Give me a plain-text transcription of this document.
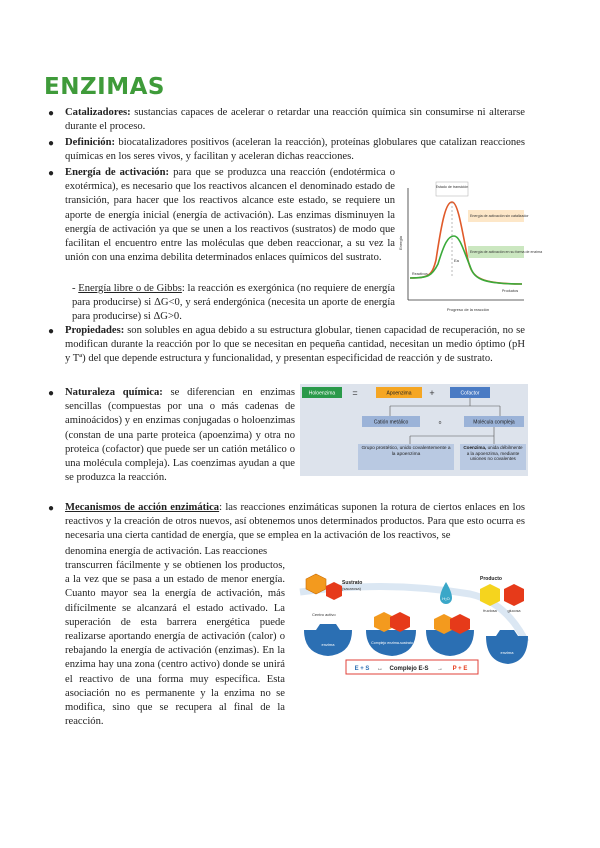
ENZIMAS
● Catalizadores: sustancias capaces de acelerar o retardar una reacción química sin consumirse ni alterarse durante el proceso.
● Definición: biocatalizadores positivos (aceleran la reacción), proteínas globulares que catalizan reacciones químicas en los seres vivos, y facilitan y aceleran dichas reacciones.
● Energía de activación: para que se produzca una reacción (endotérmica o exotérmica), es necesario que los reactivos alcancen el denominado estado de transición, para hacer que los reactivos alcance este estado, se requiere un aporte de energía inicial (energía de activación). Las enzimas disminuyen la energía de activación ya que se unen a los reactivos (sustratos) de modo que facilitan el encuentro entre las moléculas que deben reaccionar, a su vez la unión con una enzima debilita determinados enlaces químicos del sustrato.
- Energía libre o de Gibbs: la reacción es exergónica (no requiere de energía para producirse) si ΔG<0, y será endergónica (necesita un aporte de energía para producirse) si ΔG>0.
Estado de transición
Energía de activación sin catalizador
Energía de activación en su forma de enzima
Energía
Progreso de la reacción
Reactivos
Productos
Ea
● Propiedades: son solubles en agua debido a su estructura globular, tienen capacidad de recuperación, no se modifican durante la reacción por lo que se necesitan en pequeña cantidad, necesitan un medio óptimo (pH y Tª) del que depende estructura y funcionalidad, y presentan especificidad de reacción y de sustrato.
● Naturaleza química: se diferencian en enzimas sencillas (compuestas por una o más cadenas de aminoácidos) y en enzimas conjugadas o holoenzimas (constan de una parte proteica (apoenzima) y otra no proteica (cofactor) que puede ser un catión metálico o una molécula compleja). Las coenzimas ayudan a que se produzca la reacción.
Holoenzima =	Apoenzima +	Cofactor
Catión metálico	o	Molécula compleja
Grupo prostético, unido covalentemente a la apoenzima
Coenzima, unida débilmente a la apoenzima, mediante uniones no covalentes
● Mecanismos de acción enzimática: las reacciones enzimáticas suponen la rotura de ciertos enlaces en los reactivos y la creación de otros nuevos, así obtenemos unos determinados productos. Para que esto ocurra es necesaria una cierta cantidad de energía, que se emplea en la activación de los reactivos, se
denomina energía de activación. Las reacciones
transcurren fácilmente y se obtienen los productos, a la vez que se pasa a un estado de menor energía. Cuanto mayor sea la energía de activación, más difícilmente se alcanzará el estado activado. La superación de esta barrera energética puede realizarse aportando energía de activación (calor) o rebajando la energía de activación (enzimas). En la enzima hay una zona (centro activo) donde se unirá el reactivo de una forma muy específica. Esta asociación no es permanente y la enzima no se modifica, sino que se recupera al final de la reacción.
Sustrato
(sacarosa)
Centro activo
enzima	Complejo enzima-sustrato
H₂O
Producto
fructosa	glucosa
enzima
E + S ↔ Complejo E-S → P + E
